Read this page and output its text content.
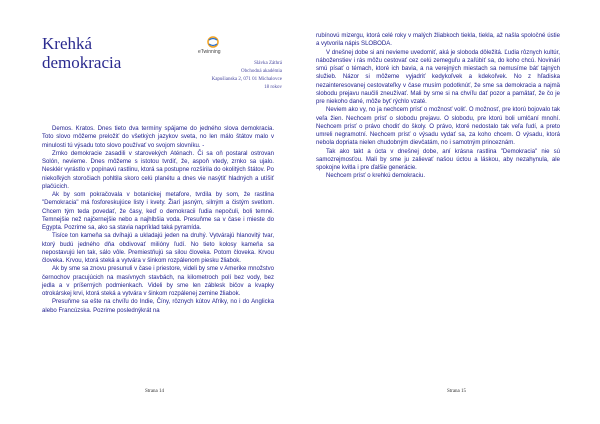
Krehká
demokracia
eTwinning
Slávka Záthrá
Obchodná akadémia
Kapušianska 2, 071 01 Michalovce
18 rokov

Demos. Kratos. Dnes tieto dva termíny spájame do jedného slova demokracia. Toto slovo môžeme preložiť do všetkých jazykov sveta, no len málo štátov malo v minulosti tú výsadu toto slovo používať vo svojom slovníku. -

Zrnko demokracie zasadili v starovekých Aténach. Či sa oň postaral ostrovan Solón, nevieme. Dnes môžeme s istotou tvrdiť, že, aspoň vtedy, zrnko sa ujalo. Nesklér vyrástlo v popínavú rastlinu, ktorá sa postupne rozšírila do okolitých štátov. Po niekoľkých storočiach pohltila skoro celú planétu a dnes vie nasýtiť hladných a utíšiť plačúcich.

Ak by som pokračovala v botanickej metafore, tvrdila by som, že rastlina "Demokracia" má fosforeskujúce listy i kvety. Žiarí jasným, silným a čistým svetlom. Chcem tým teda povedať, že časy, keď o demokracii ľudia nepočuli, boli temné. Temnejšie než najčernejšie nebo a najhlbšia voda. Presuňme sa v čase i mieste do Egypta. Pozrime sa, ako sa stavia napríklad taká pyramída.

Tisíce ton kameňa sa dvíhajú a ukladajú jeden na druhý. Vytvárajú hlanovitý tvar, ktorý budú jedného dňa obdivovať milióny ľudí. No tieto kolosy kameňa sa nepostavujú len tak, sálo vôle. Premiestňujú sa silou človeka. Potom človeka. Krvou človeka. Krvou, ktorá steká a vytvára v šinkom rozpálenom piesku žliabok.

Ak by sme sa znovu presunuli v čase i priestore, videli by sme v Amerike množstvo černochov pracujúcich na masívnych stavbách, na kilometroch polí bez vody, bez jedla a v príšerných podmienkach. Videli by sme len záblesk bičov a kvapky otrokárskej krvi, ktorá steká a vytvára v šinkom rozpálenej zemine žliabok.

Presuňme sa ešte na chvíľu do Indie, Číny, rôznych kútov Afriky, no i do Anglicka alebo Francúzska. Pozrime poslednýkrát na

Strana 14

rubínovú mizergu, ktorá celé roky v malých žliabkoch tiekla, tiekla, až našla spoločné ústie a vytvorila nápis SLOBODA.

V dnešnej dobe si ani nevieme uvedomiť, aká je sloboda dôležitá. Ľudia rôznych kultúr, náboženstiev i rás môžu cestovať cez celú zemeguľu a zaľúbiť sa, do koho chcú. Novinári smú písať o témach, ktoré ich bavia, a na verejných miestach sa nemusíme báť tajných služieb. Názor si môžeme vyjadriť kedykoľvek a kdekoľvek. No z hľadiska nezainteresovanej cestovateľky v čase musím podotknúť, že sme sa demokracia a najmä slobodu prejavu naučili zneužívať. Mali by sme si na chvíľu dať pozor a pamätať, že čo je pre niekoho dané, môže byť rýchlo vzaté.

Neviem ako vy, no ja nechcem prísť o možnosť voliť. O možnosť, pre ktorú bojovalo tak veľa žien. Nechcem prísť o slobodu prejavu. O slobodu, pre ktorú boli umlčaní mnohí. Nechcem prísť o právo chodiť do školy. O právo, ktoré nedostalo tak veľa ľudí, a preto umreli negramotní. Nechcem prísť o výsadu vydať sa, za koho chcem. O výsadu, ktorá nebola dopriata nielen chudobným dievčatám, no i samotným princeznám.

Tak ako takt a úcta v dnešnej dobe, aní krásna rastlina "Demokracia" nie sú samozrejmosťou. Mali by sme ju zalievať našou úctou a láskou, aby nezahynula, ale spokojne kvitla i pre ďalšie generácie.

Nechcem prísť o krehkú demokraciu.

Strana 15
